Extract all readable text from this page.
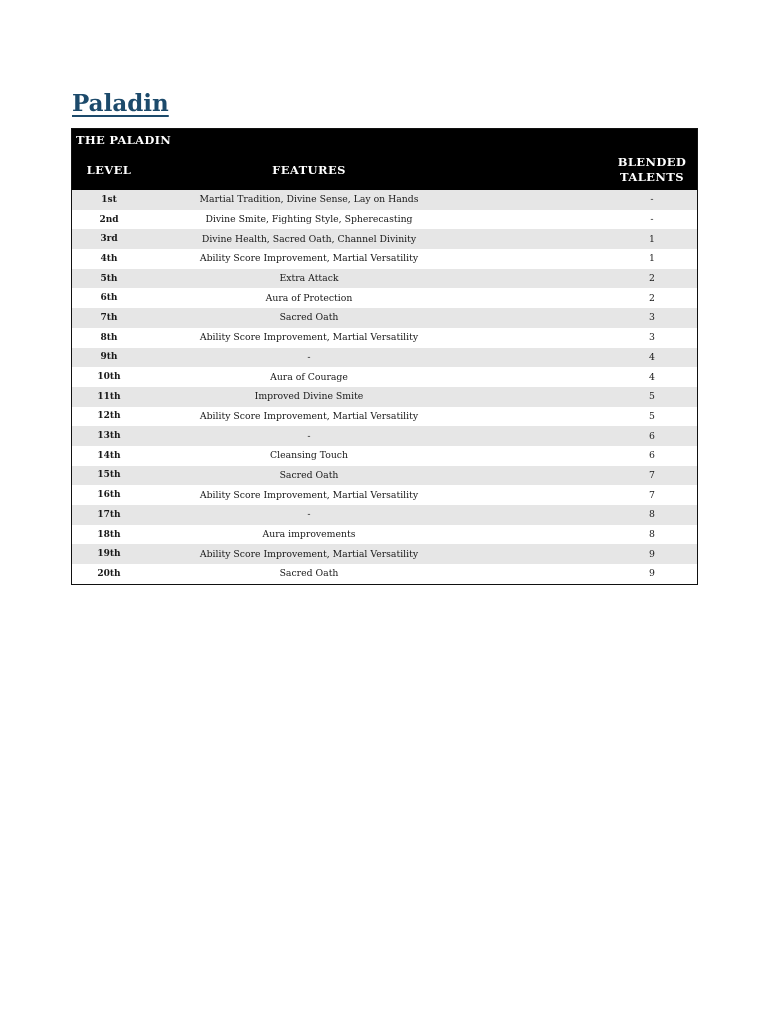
Paladin
THE PALADIN
LEVEL	FEATURES
BLENDED
TALENTS
1st	Martial Tradition, Divine Sense, Lay on Hands	-
2nd	Divine Smite, Fighting Style, Spherecasting	-
3rd	Divine Health, Sacred Oath, Channel Divinity	1
4th	Ability Score Improvement, Martial Versatility	1
5th	Extra Attack	2
6th	Aura of Protection	2
7th	Sacred Oath	3
8th	Ability Score Improvement, Martial Versatility	3
9th	-	4
10th	Aura of Courage	4
11th	Improved Divine Smite	5
12th	Ability Score Improvement, Martial Versatility	5
13th	-	6
14th	Cleansing Touch	6
15th	Sacred Oath	7
16th	Ability Score Improvement, Martial Versatility	7
17th	-	8
18th	Aura improvements	8
19th	Ability Score Improvement, Martial Versatility	9
20th	Sacred Oath	9
